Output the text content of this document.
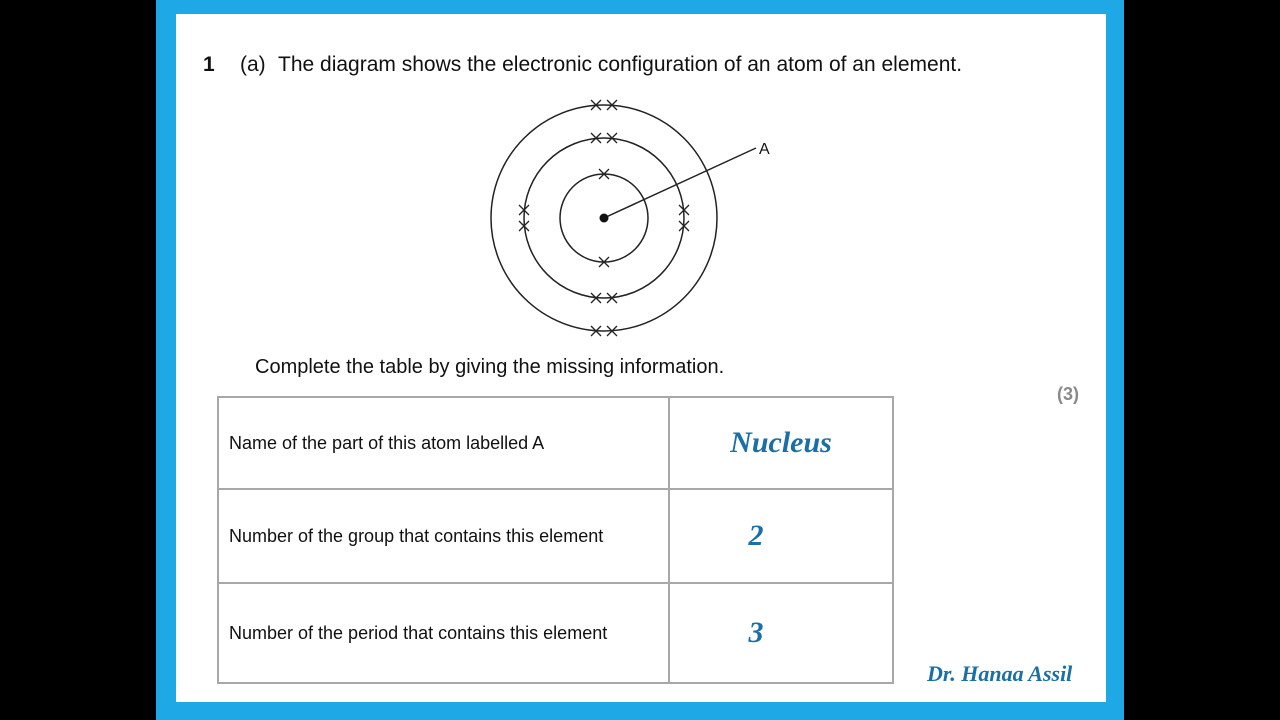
1 (a) The diagram shows the electronic configuration of an atom of an element.
A
Complete the table by giving the missing information.
(3)
Name of the part of this atom labelled A	Nucleus
Number of the group that contains this element	2
Number of the period that contains this element	3
Dr. Hanaa Assil
